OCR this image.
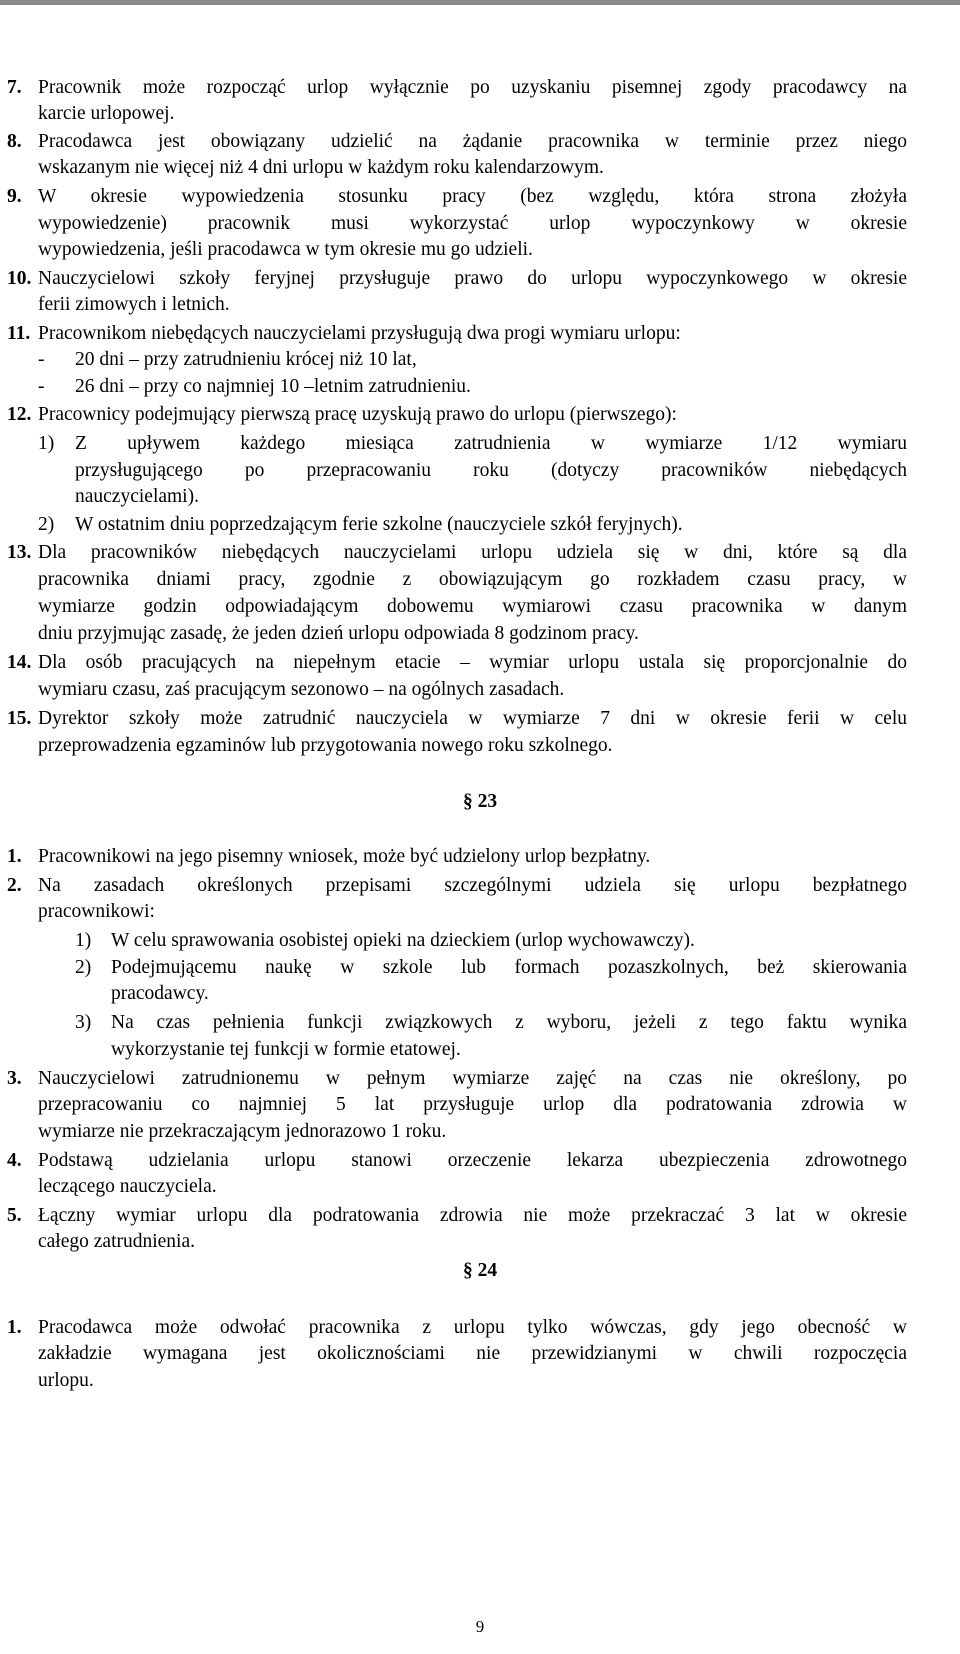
Pracownik może rozpocząć urlop wyłącznie po uzyskaniu pisemnej zgody pracodawcy na
7.
karcie urlopowej.
Pracodawca jest obowiązany udzielić na żądanie pracownika w terminie przez niego
8.
wskazanym nie więcej niż 4 dni urlopu w każdym roku kalendarzowym.
W okresie wypowiedzenia stosunku pracy (bez względu, która strona złożyła
9.
wypowiedzenie) pracownik musi wykorzystać urlop wypoczynkowy w okresie
wypowiedzenia, jeśli pracodawca w tym okresie mu go udzieli.
Nauczycielowi szkoły feryjnej przysługuje prawo do urlopu wypoczynkowego w okresie
10.
ferii zimowych i letnich.
Pracownikom niebędących nauczycielami przysługują dwa progi wymiaru urlopu:
11.
20 dni – przy zatrudnieniu krócej niż 10 lat,
-
26 dni – przy co najmniej 10 –letnim zatrudnieniu.
-
Pracownicy podejmujący pierwszą pracę uzyskują prawo do urlopu (pierwszego):
12.
Z upływem każdego miesiąca zatrudnienia w wymiarze 1/12 wymiaru
1)
przysługującego po przepracowaniu roku (dotyczy pracowników niebędących
nauczycielami).
W ostatnim dniu poprzedzającym ferie szkolne (nauczyciele szkół feryjnych).
2)
Dla pracowników niebędących nauczycielami urlopu udziela się w dni, które są dla
13.
pracownika dniami pracy, zgodnie z obowiązującym go rozkładem czasu pracy, w
wymiarze godzin odpowiadającym dobowemu wymiarowi czasu pracownika w danym
dniu przyjmując zasadę, że jeden dzień urlopu odpowiada 8 godzinom pracy.
Dla osób pracujących na niepełnym etacie – wymiar urlopu ustala się proporcjonalnie do
14.
wymiaru czasu, zaś pracującym sezonowo – na ogólnych zasadach.
Dyrektor szkoły może zatrudnić nauczyciela w wymiarze 7 dni w okresie ferii w celu
15.
przeprowadzenia egzaminów lub przygotowania nowego roku szkolnego.
Pracownikowi na jego pisemny wniosek, może być udzielony urlop bezpłatny.
1.
Na zasadach określonych przepisami szczególnymi udziela się urlopu bezpłatnego
2.
pracownikowi:
W celu sprawowania osobistej opieki na dzieckiem (urlop wychowawczy).
1)
Podejmującemu naukę w szkole lub formach pozaszkolnych, beż skierowania
2)
pracodawcy.
Na czas pełnienia funkcji związkowych z wyboru, jeżeli z tego faktu wynika
3)
wykorzystanie tej funkcji w formie etatowej.
Nauczycielowi zatrudnionemu w pełnym wymiarze zajęć na czas nie określony, po
3.
przepracowaniu co najmniej 5 lat przysługuje urlop dla podratowania zdrowia w
wymiarze nie przekraczającym jednorazowo 1 roku.
Podstawą udzielania urlopu stanowi orzeczenie lekarza ubezpieczenia zdrowotnego
4.
leczącego nauczyciela.
Łączny wymiar urlopu dla podratowania zdrowia nie może przekraczać 3 lat w okresie
5.
całego zatrudnienia.
Pracodawca może odwołać pracownika z urlopu tylko wówczas, gdy jego obecność w
1.
zakładzie wymagana jest okolicznościami nie przewidzianymi w chwili rozpoczęcia
urlopu.
§ 23
§ 24
9
